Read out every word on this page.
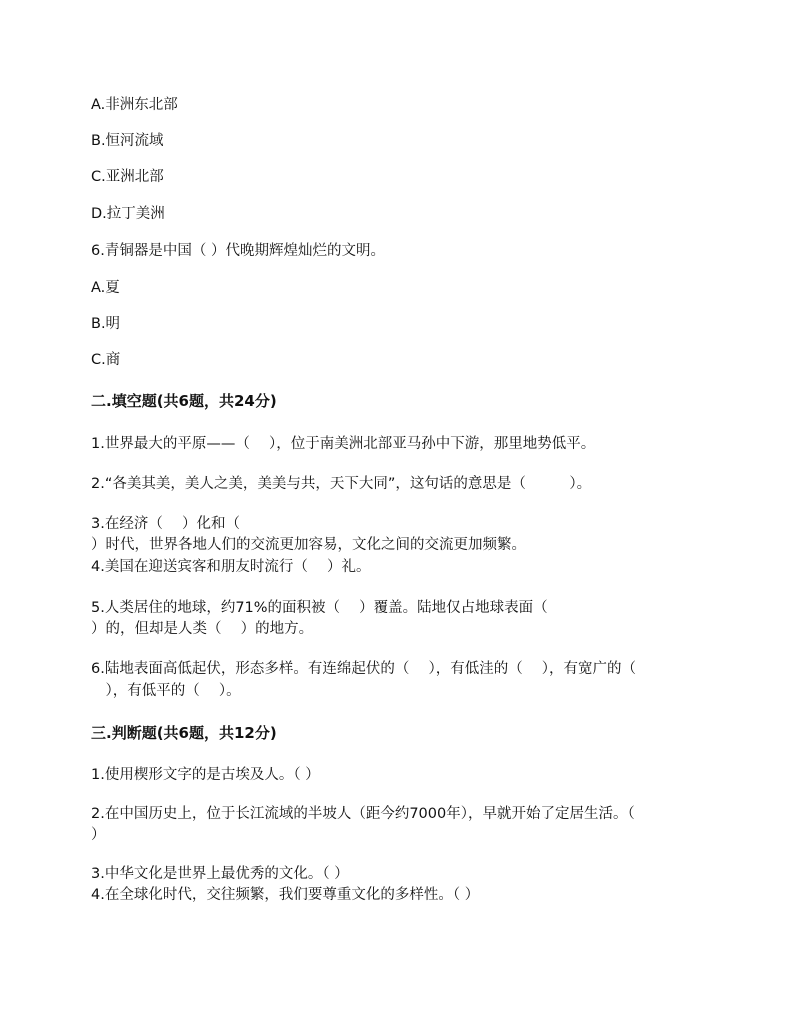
A.非洲东北部
B.恒河流域
C.亚洲北部
D.拉丁美洲
6.青铜器是中国（ ）代晚期辉煌灿烂的文明。
A.夏
B.明
C.商
二.填空题(共6题，共24分)
1.世界最大的平原——（　 ），位于南美洲北部亚马孙中下游，那里地势低平。
2.“各美其美，美人之美，美美与共，天下大同”，这句话的意思是（　　　）。
3.在经济（　 ）化和（
）时代，世界各地人们的交流更加容易，文化之间的交流更加频繁。
4.美国在迎送宾客和朋友时流行（　 ）礼。
5.人类居住的地球，约71%的面积被（　 ）覆盖。陆地仅占地球表面（
）的，但却是人类（　 ）的地方。
6.陆地表面高低起伏，形态多样。有连绵起伏的（　 ），有低洼的（　 ），有宽广的（
　），有低平的（　 ）。
三.判断题(共6题，共12分)
1.使用楔形文字的是古埃及人。（ ）
2.在中国历史上，位于长江流域的半坡人（距今约7000年），早就开始了定居生活。（
）
3.中华文化是世界上最优秀的文化。（ ）
4.在全球化时代，交往频繁，我们要尊重文化的多样性。（ ）
